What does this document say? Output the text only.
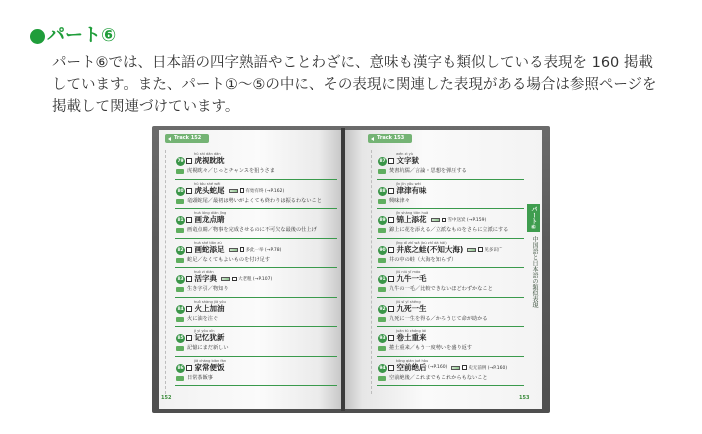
パート⑥
パート⑥では、日本語の四字熟語やことわざに、意味も漢字も類似している表現を 160 掲載
しています。また、パート①～⑤の中に、その表現に関連した表現がある場合は参照ページを
掲載して関連づけています。
Track 152
79
hǔ shì dān dān
虎视眈眈
虎視眈々／じっとチャンスを狙うさま
80
hǔ tóu shé wěi
虎头蛇尾	有始有终 (→P.162)
竜頭蛇尾／最初は勢いがよくても終わりは振るわないこと
81
huà lóng diǎn jīng
画龙点睛
画竜点睛／物事を完成させるのに不可欠な最後の仕上げ
82
huà shé tiān zú
画蛇添足	多此一举 (→P.78)
蛇足／なくてもよいものを付け足す
83
huó zì diǎn
活字典	大老粗 (→P.107)
生き字引／物知り
84
huǒ shàng jiā yóu
火上加油
火に油を注ぐ
85
jì yì yóu xīn
记忆犹新
記憶にまだ新しい
86
jiā cháng biàn fàn
家常便饭
日常茶飯事
152
Track 153
87
wén zì yù
文字狱
焚書坑儒／言論・思想を弾圧する
88
jīn jīn yǒu wèi
津津有味
興味津々
89
jǐn shàng tiān huā
锦上添花	雪中送炭 (→P.159)
錦上に花を添える／立派なものをさらに立派にする
90
jǐng dǐ zhī wā (bù zhī dà hǎi)
井底之蛙(不知大海)	见多识广
井の中の蛙（大海を知らず）
91
jiǔ niú yī máo
九牛一毛
九牛の一毛／比較できないほどわずかなこと
92
jiǔ sǐ yī shēng
九死一生
九死に一生を得る／かろうじて命が助かる
93
juǎn tǔ chóng lái
卷土重来
捲土重来／もう一度勢いを盛り返す
94
kōng qián jué hòu
空前绝后 (→P.160)	史无前例 (→P.160)
空前絶後／これまでもこれからもないこと
パート⑥
中国語と日本語の類似表現
153
